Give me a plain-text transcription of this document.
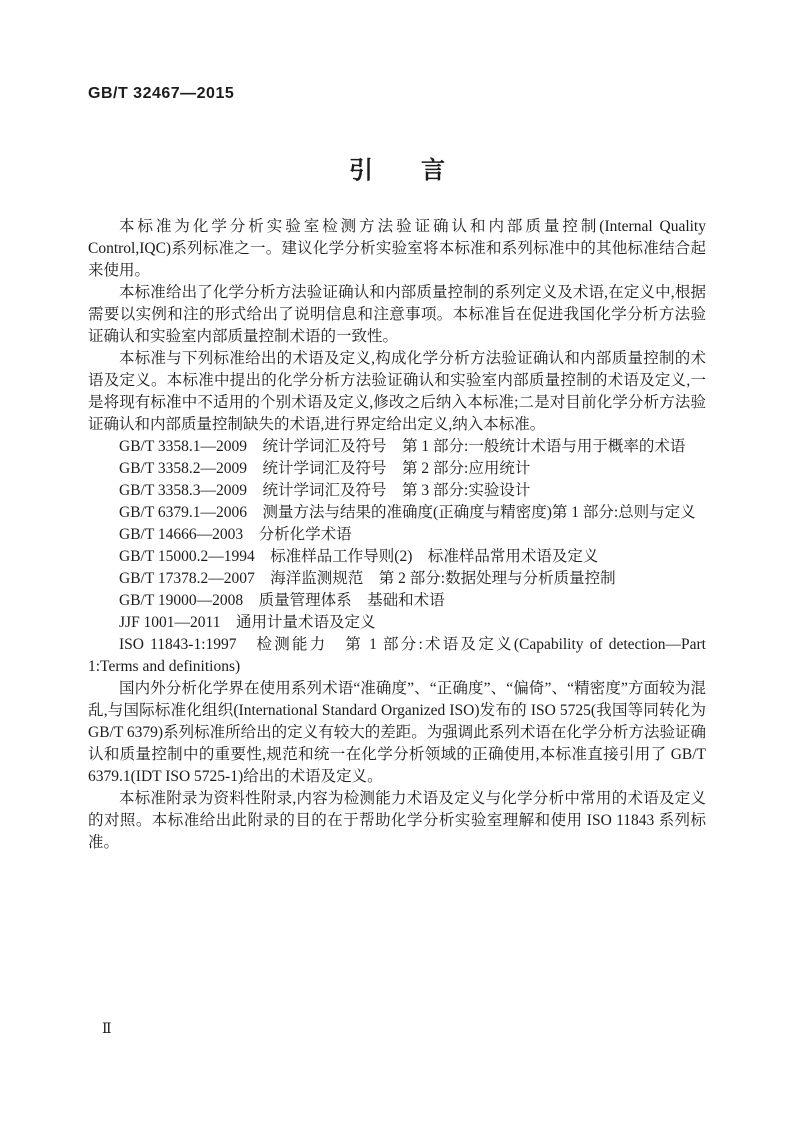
GB/T 32467—2015
引　　言

本标准为化学分析实验室检测方法验证确认和内部质量控制(Internal Quality Control,IQC)系列标准之一。建议化学分析实验室将本标准和系列标准中的其他标准结合起来使用。

本标准给出了化学分析方法验证确认和内部质量控制的系列定义及术语,在定义中,根据需要以实例和注的形式给出了说明信息和注意事项。本标准旨在促进我国化学分析方法验证确认和实验室内部质量控制术语的一致性。

本标准与下列标准给出的术语及定义,构成化学分析方法验证确认和内部质量控制的术语及定义。本标准中提出的化学分析方法验证确认和实验室内部质量控制的术语及定义,一是将现有标准中不适用的个别术语及定义,修改之后纳入本标准;二是对目前化学分析方法验证确认和内部质量控制缺失的术语,进行界定给出定义,纳入本标准。

GB/T 3358.1—2009　统计学词汇及符号　第 1 部分:一般统计术语与用于概率的术语

GB/T 3358.2—2009　统计学词汇及符号　第 2 部分:应用统计

GB/T 3358.3—2009　统计学词汇及符号　第 3 部分:实验设计

GB/T 6379.1—2006　测量方法与结果的准确度(正确度与精密度)第 1 部分:总则与定义

GB/T 14666—2003　分析化学术语

GB/T 15000.2—1994　标准样品工作导则(2)　标准样品常用术语及定义

GB/T 17378.2—2007　海洋监测规范　第 2 部分:数据处理与分析质量控制

GB/T 19000—2008　质量管理体系　基础和术语

JJF 1001—2011　通用计量术语及定义

ISO 11843-1:1997　检测能力　第 1 部分:术语及定义(Capability of detection—Part 1:Terms and definitions)

国内外分析化学界在使用系列术语“准确度”、“正确度”、“偏倚”、“精密度”方面较为混乱,与国际标准化组织(International Standard Organized ISO)发布的 ISO 5725(我国等同转化为 GB/T 6379)系列标准所给出的定义有较大的差距。为强调此系列术语在化学分析方法验证确认和质量控制中的重要性,规范和统一在化学分析领域的正确使用,本标准直接引用了 GB/T 6379.1(IDT ISO 5725-1)给出的术语及定义。

本标准附录为资料性附录,内容为检测能力术语及定义与化学分析中常用的术语及定义的对照。本标准给出此附录的目的在于帮助化学分析实验室理解和使用 ISO 11843 系列标准。

Ⅱ
